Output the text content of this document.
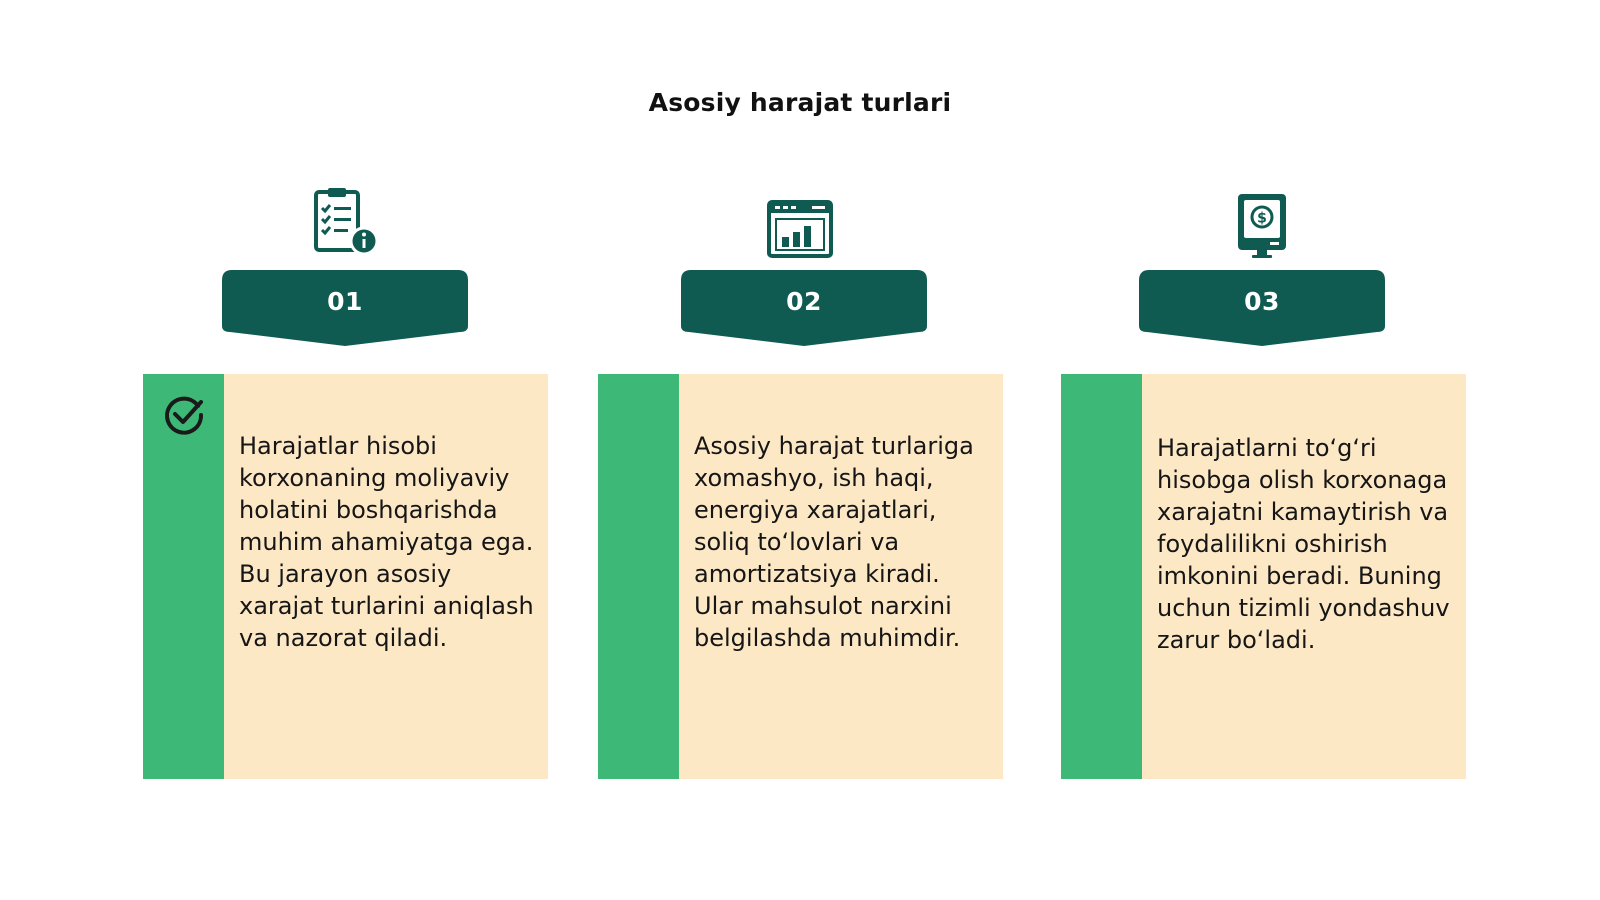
Asosiy harajat turlari
01

Harajatlar hisobi korxonaning moliyaviy holatini boshqarishda muhim ahamiyatga ega. Bu jarayon asosiy xarajat turlarini aniqlash va nazorat qiladi.

02

Asosiy harajat turlariga xomashyo, ish haqi, energiya xarajatlari, soliq to‘lovlari va amortizatsiya kiradi. Ular mahsulot narxini belgilashda muhimdir.

$
03

Harajatlarni to‘g‘ri hisobga olish korxonaga xarajatni kamaytirish va foydalilikni oshirish imkonini beradi. Buning uchun tizimli yondashuv zarur bo‘ladi.
